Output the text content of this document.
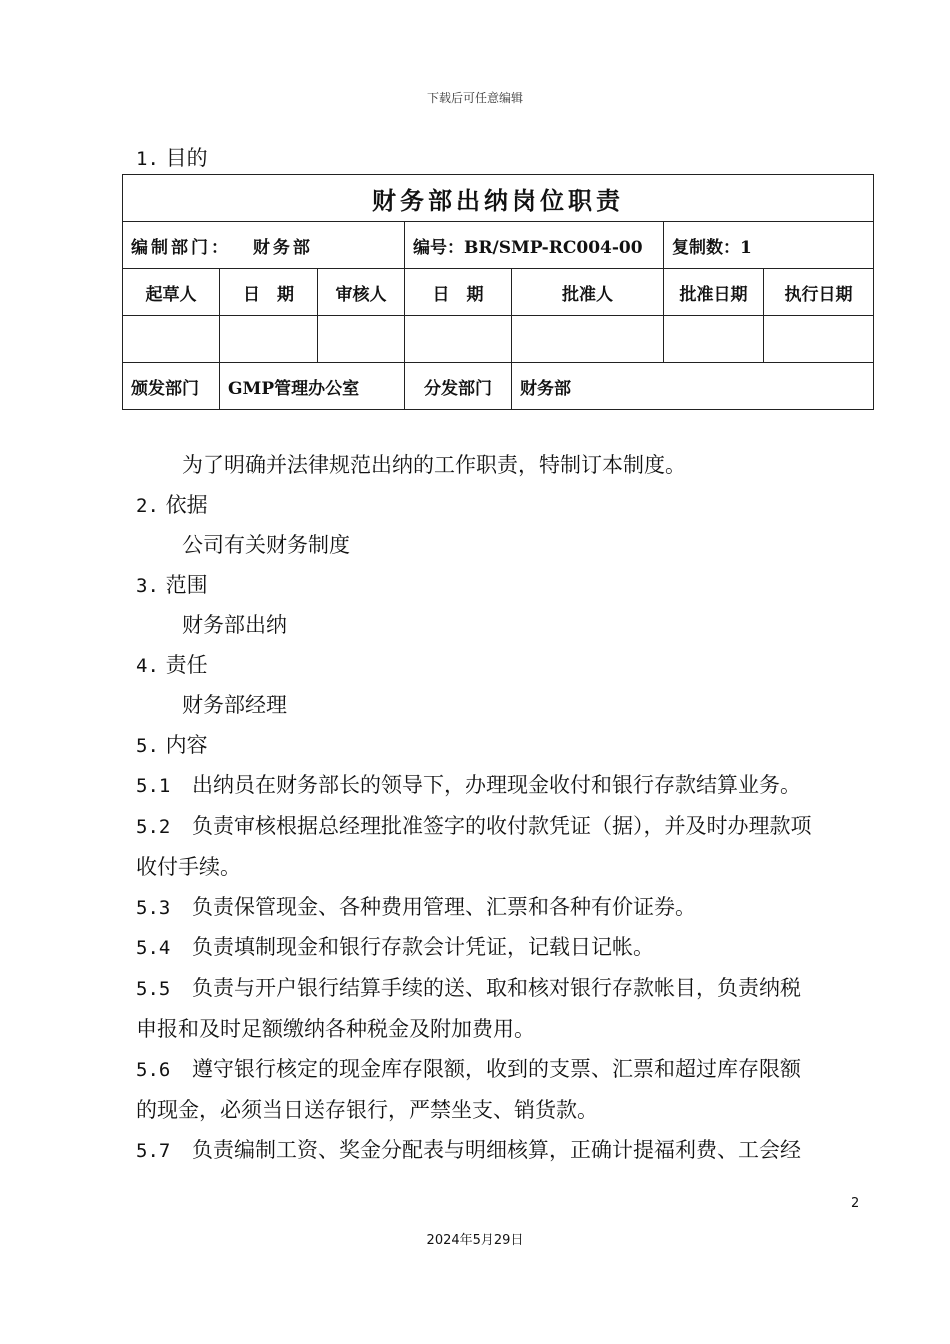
下载后可任意编辑
1. 目的
财务部出纳岗位职责						
编制部门： 财务部			编号：BR/SMP-RC004-00		复制数：1	
起草人	日　期	审核人	日　期	批准人	批准日期	执行日期

颁发部门	GMP管理办公室		分发部门	财务部		
为了明确并法律规范出纳的工作职责，特制订本制度。
2. 依据
公司有关财务制度
3. 范围
财务部出纳
4. 责任
财务部经理
5. 内容
5.1 出纳员在财务部长的领导下，办理现金收付和银行存款结算业务。
5.2 负责审核根据总经理批准签字的收付款凭证（据），并及时办理款项
收付手续。
5.3 负责保管现金、各种费用管理、汇票和各种有价证券。
5.4 负责填制现金和银行存款会计凭证，记载日记帐。
5.5 负责与开户银行结算手续的送、取和核对银行存款帐目，负责纳税
申报和及时足额缴纳各种税金及附加费用。
5.6 遵守银行核定的现金库存限额，收到的支票、汇票和超过库存限额
的现金，必须当日送存银行，严禁坐支、销货款。
5.7 负责编制工资、奖金分配表与明细核算，正确计提福利费、工会经
2
2024年5月29日
